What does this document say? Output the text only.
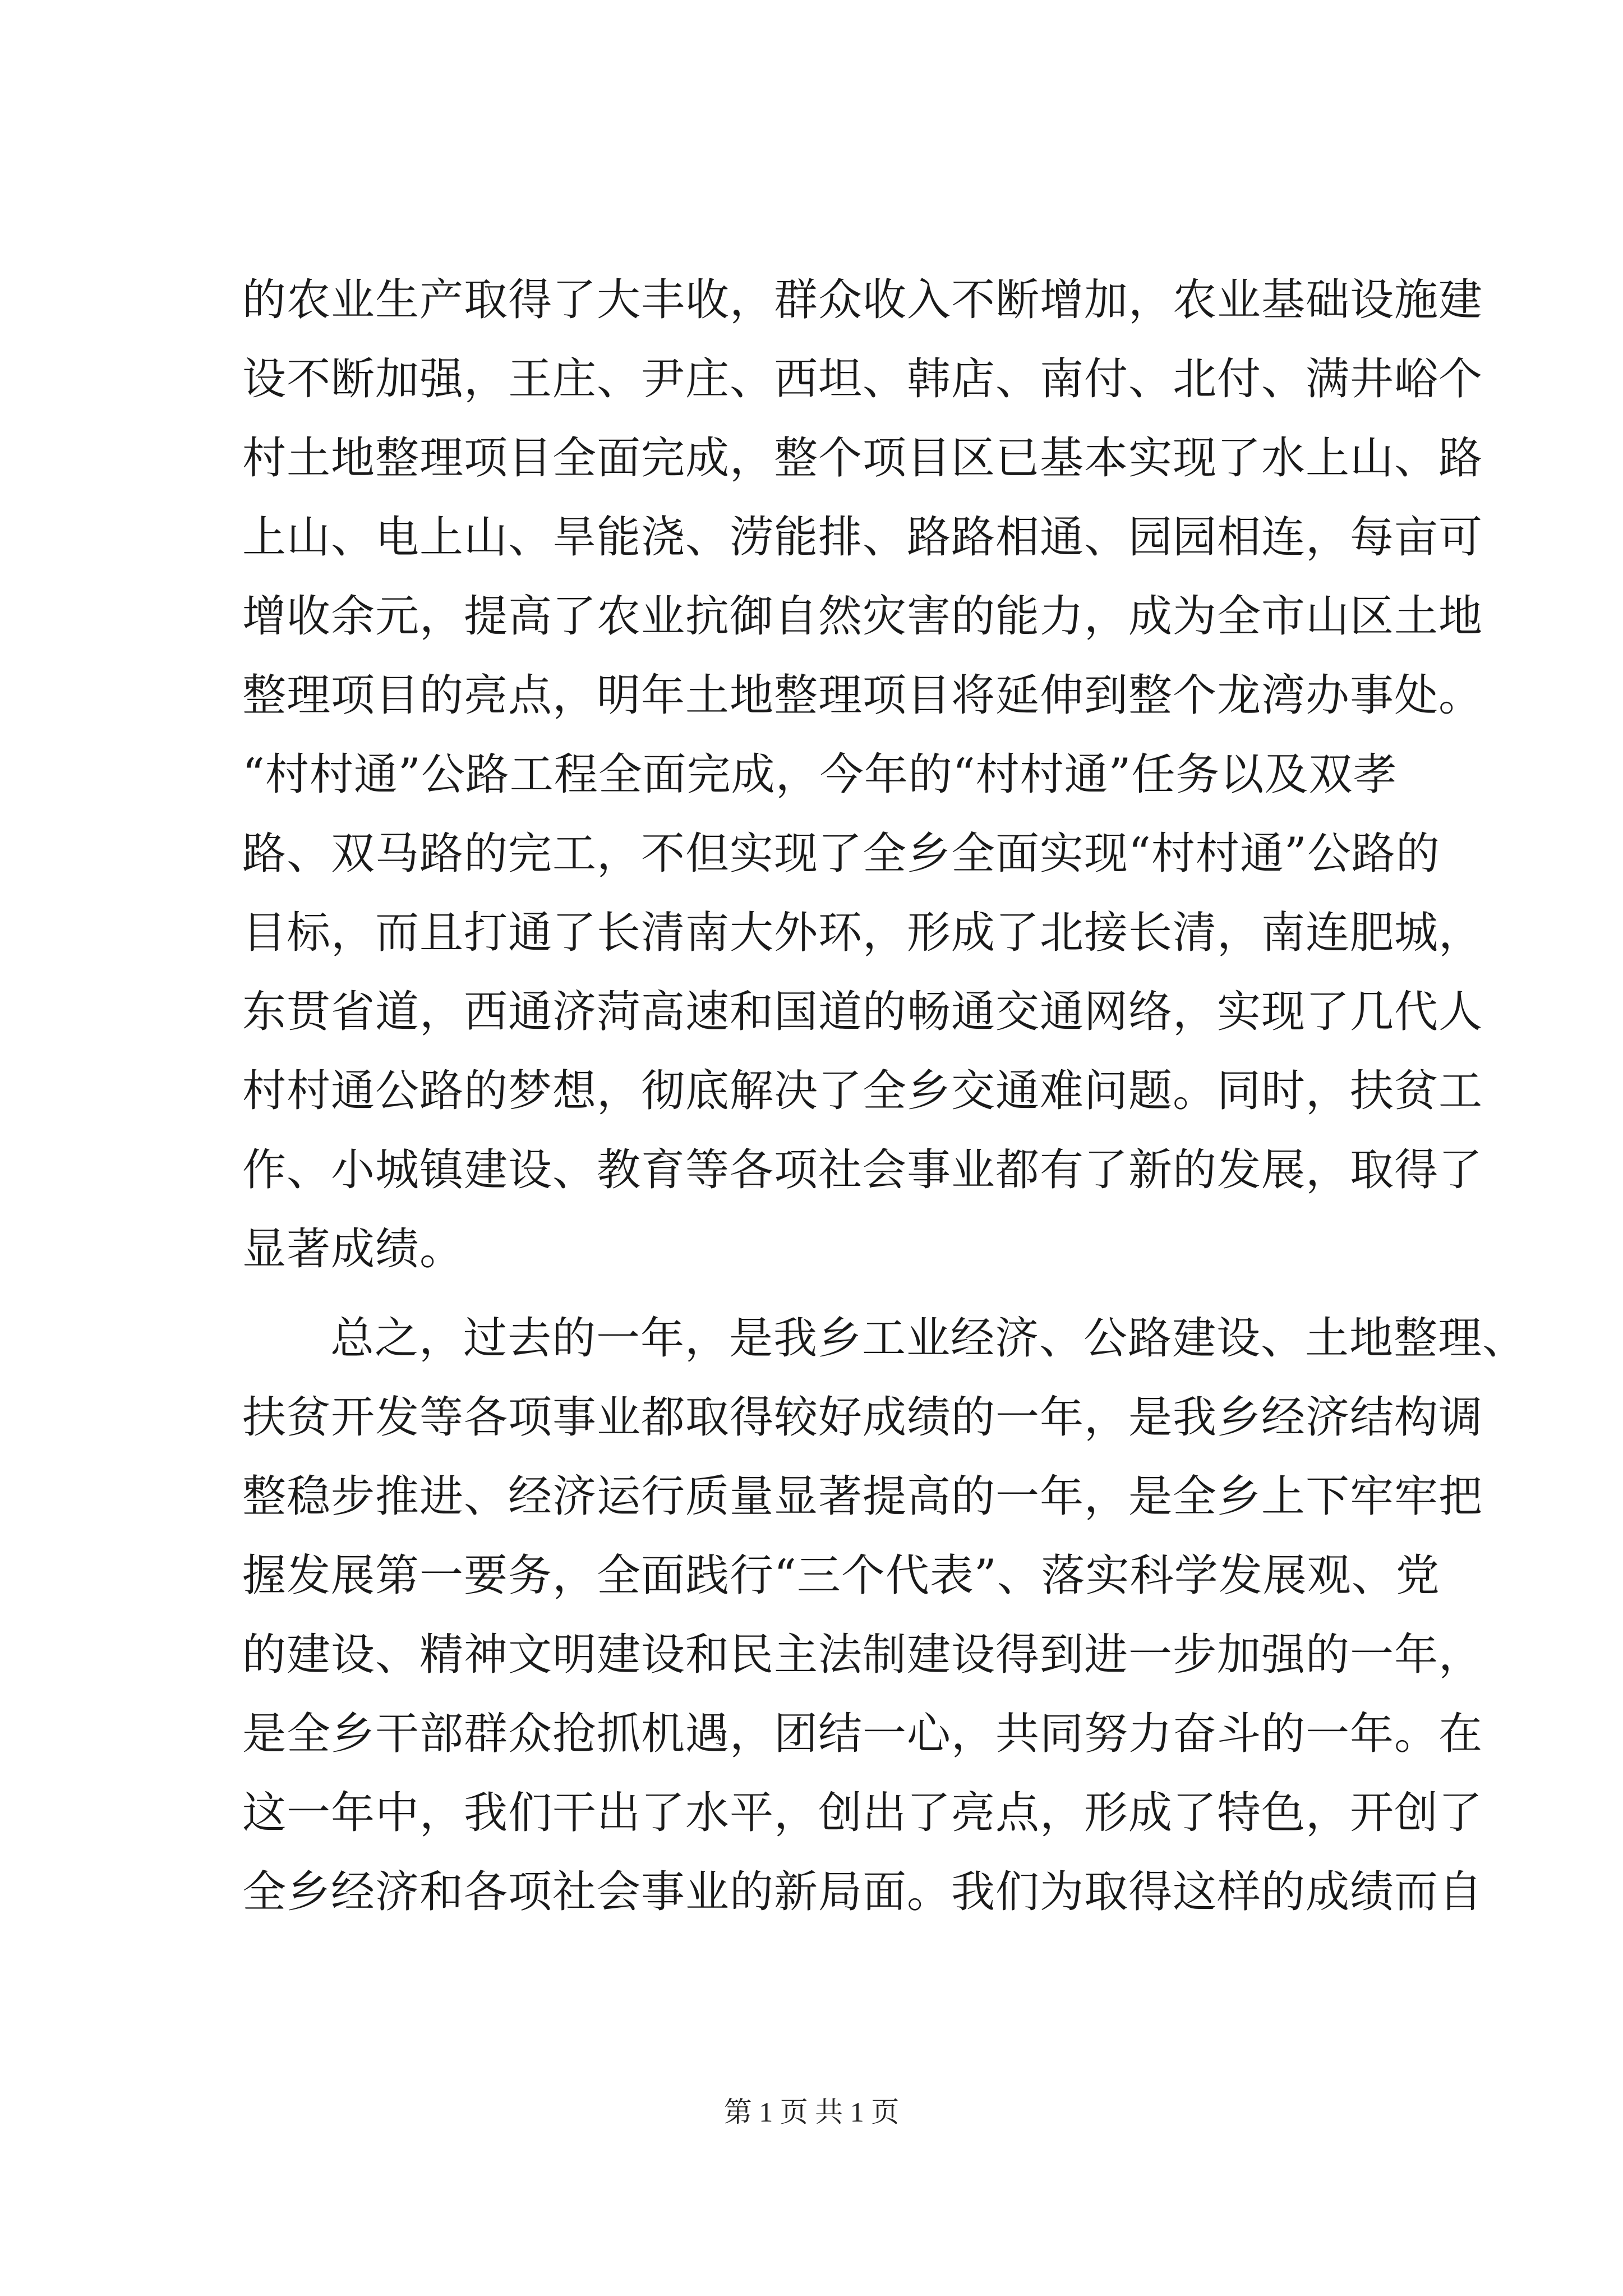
的农业生产取得了大丰收，群众收入不断增加，农业基础设施建
设不断加强，王庄、尹庄、西坦、韩店、南付、北付、满井峪个
村土地整理项目全面完成，整个项目区已基本实现了水上山、路
上山、电上山、旱能浇、涝能排、路路相通、园园相连，每亩可
增收余元，提高了农业抗御自然灾害的能力，成为全市山区土地
整理项目的亮点，明年土地整理项目将延伸到整个龙湾办事处。
“村村通”公路工程全面完成，今年的“村村通”任务以及双孝
路、双马路的完工，不但实现了全乡全面实现“村村通”公路的
目标，而且打通了长清南大外环，形成了北接长清，南连肥城，
东贯省道，西通济菏高速和国道的畅通交通网络，实现了几代人
村村通公路的梦想，彻底解决了全乡交通难问题。同时，扶贫工
作、小城镇建设、教育等各项社会事业都有了新的发展，取得了
显著成绩。
总之，过去的一年，是我乡工业经济、公路建设、土地整理、
扶贫开发等各项事业都取得较好成绩的一年，是我乡经济结构调
整稳步推进、经济运行质量显著提高的一年，是全乡上下牢牢把
握发展第一要务，全面践行“三个代表”、落实科学发展观、党
的建设、精神文明建设和民主法制建设得到进一步加强的一年，
是全乡干部群众抢抓机遇，团结一心，共同努力奋斗的一年。在
这一年中，我们干出了水平，创出了亮点，形成了特色，开创了
全乡经济和各项社会事业的新局面。我们为取得这样的成绩而自
第 1 页 共 1 页
